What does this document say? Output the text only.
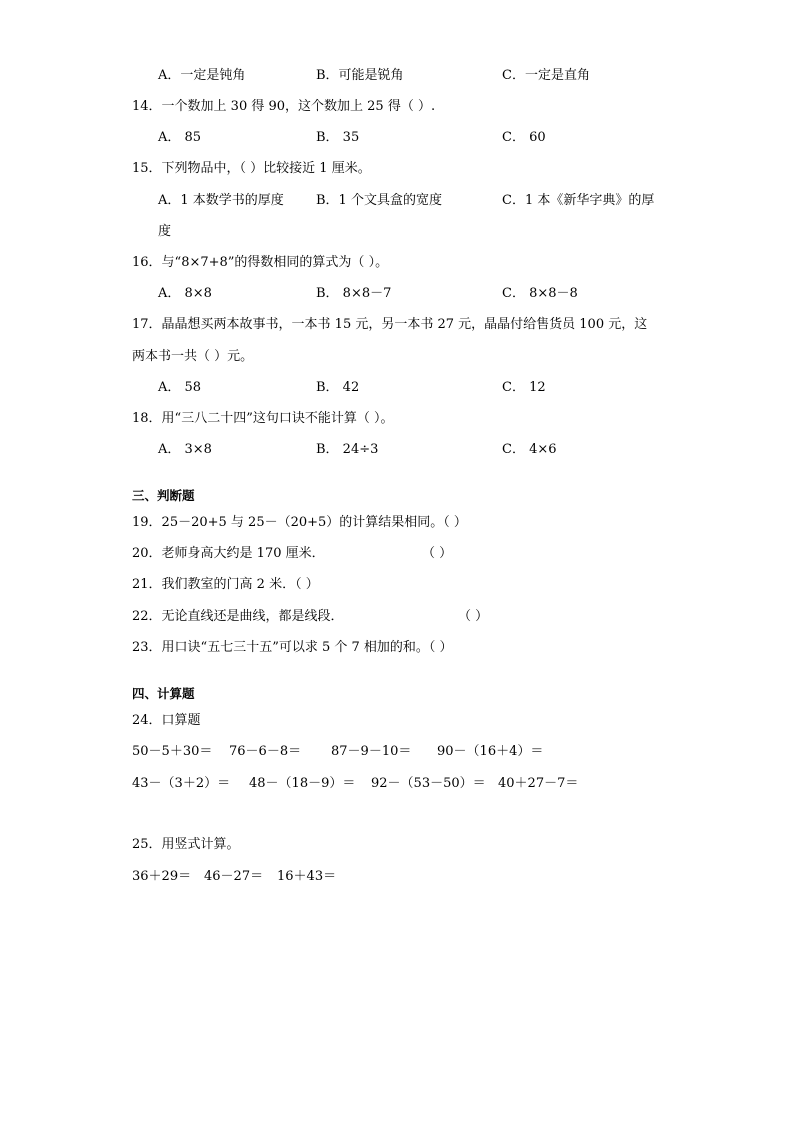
A．一定是钝角	B．可能是锐角	C．一定是直角
14．一个数加上 30 得 90，这个数加上 25 得（ ）.
A． 85	B． 35	C． 60
15．下列物品中，（ ）比较接近 1 厘米。
A．1 本数学书的厚度 B．1 个文具盒的宽度	C．1 本《新华字典》的厚
度
16．与“8×7+8”的得数相同的算式为（ ）。
A． 8×8	B． 8×8－7	C． 8×8－8
17．晶晶想买两本故事书，一本书 15 元，另一本书 27 元，晶晶付给售货员 100 元，这
两本书一共（ ）元。
A． 58	B． 42	C． 12
18．用“三八二十四”这句口诀不能计算（ ）。
A． 3×8	B． 24÷3	C． 4×6
三、判断题
19．25－20+5 与 25－（20+5）的计算结果相同。（ ）
20．老师身高大约是 170 厘米．	（ ）
21．我们教室的门高 2 米．（ ）
22．无论直线还是曲线，都是线段．	（ ）
23．用口诀“五七三十五”可以求 5 个 7 相加的和。（ ）
四、计算题
24．口算题
50－5＋30＝ 76－6－8＝ 87－9－10＝ 90－（16＋4）＝
43－（3＋2）＝ 48－（18－9）＝ 92－（53－50）＝ 40＋27－7＝
25．用竖式计算。
36＋29＝ 46－27＝ 16＋43＝
